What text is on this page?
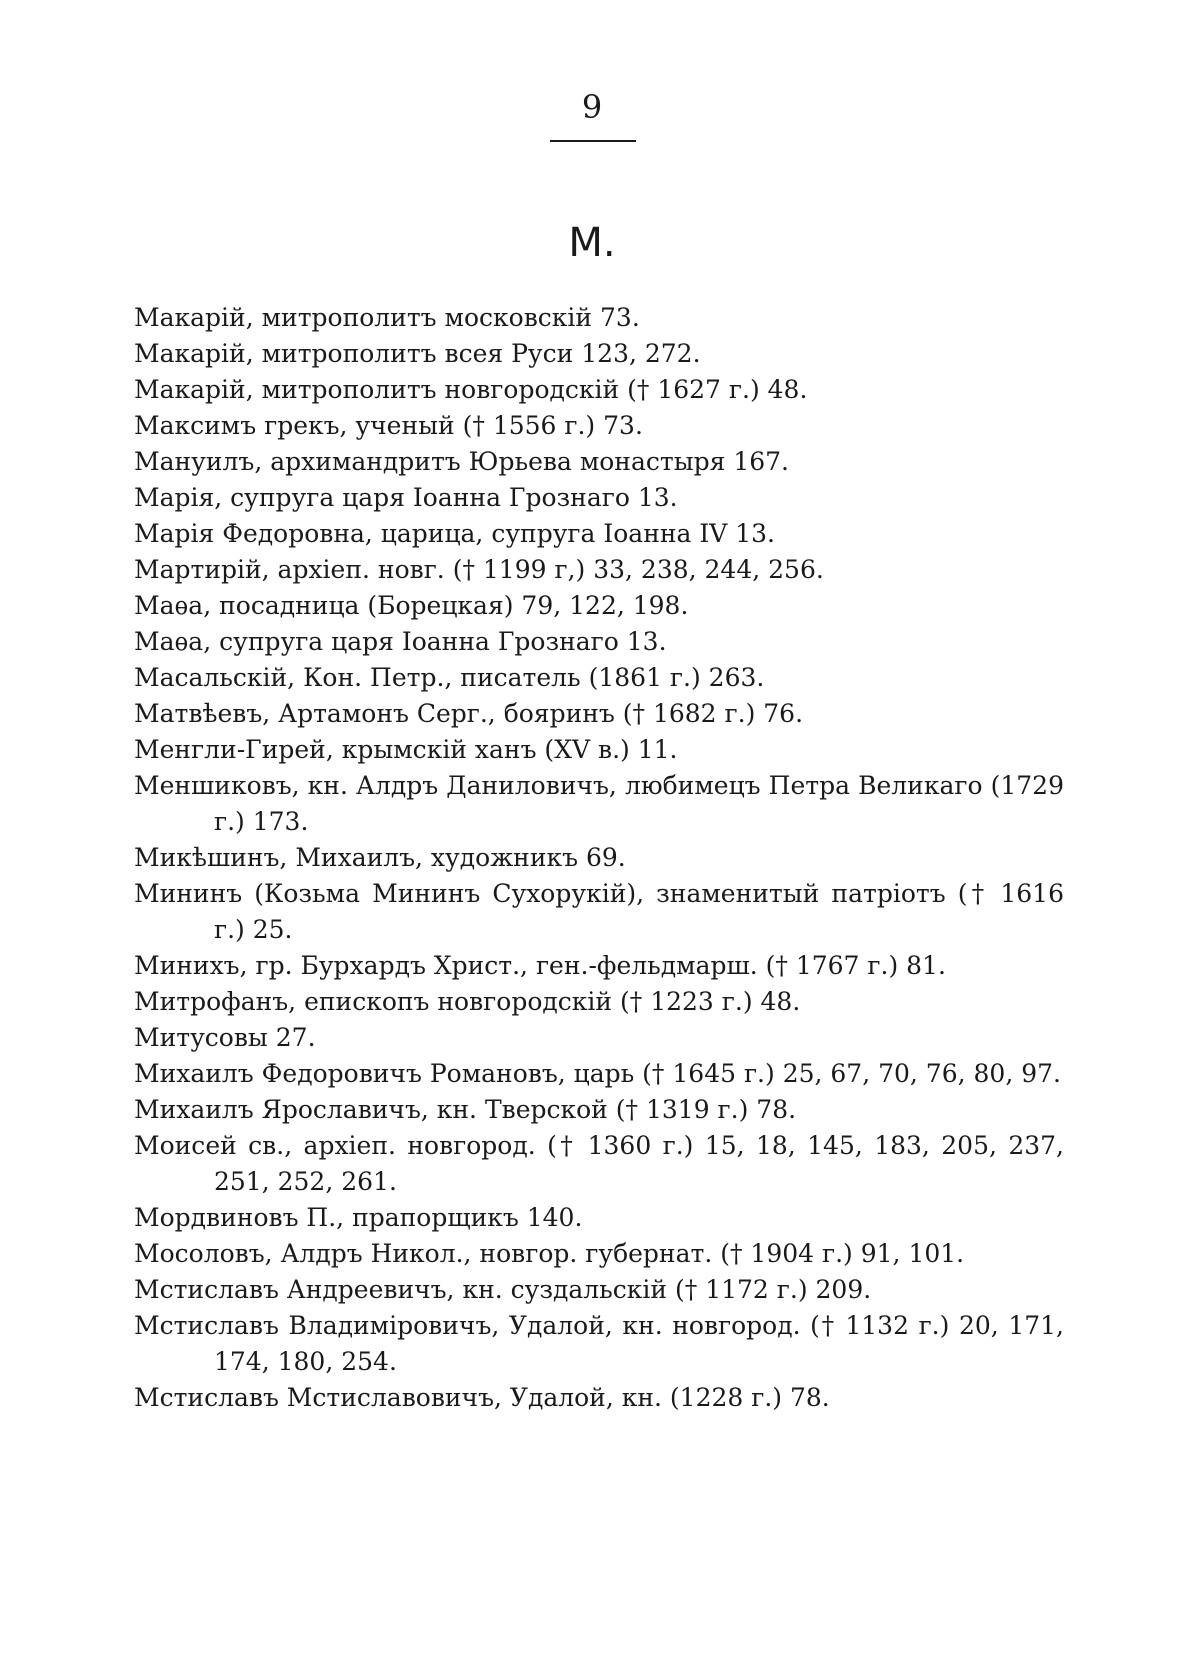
9
М.
Макарій, митрополитъ московскій 73.
Макарій, митрополитъ всея Руси 123, 272.
Макарій, митрополитъ новгородскій († 1627 г.) 48.
Максимъ грекъ, ученый († 1556 г.) 73.
Мануилъ, архимандритъ Юрьева монастыря 167.
Марія, супруга царя Іоанна Грознаго 13.
Марія Федоровна, царица, супруга Іоанна IV 13.
Мартирій, архіеп. новг. († 1199 г,) 33, 238, 244, 256.
Маѳа, посадница (Борецкая) 79, 122, 198.
Маѳа, супруга царя Іоанна Грознаго 13.
Масальскій, Кон. Петр., писатель (1861 г.) 263.
Матвѣевъ, Артамонъ Серг., бояринъ († 1682 г.) 76.
Менгли-Гирей, крымскій ханъ (XV в.) 11.
Меншиковъ, кн. Алдръ Даниловичъ, любимецъ Петра Великаго (1729 г.) 173.
Микѣшинъ, Михаилъ, художникъ 69.
Мининъ (Козьма Мининъ Сухорукій), знаменитый патріотъ († 1616 г.) 25.
Минихъ, гр. Бурхардъ Христ., ген.-фельдмарш. († 1767 г.) 81.
Митрофанъ, епископъ новгородскій († 1223 г.) 48.
Митусовы 27.
Михаилъ Федоровичъ Романовъ, царь († 1645 г.) 25, 67, 70, 76, 80, 97.
Михаилъ Ярославичъ, кн. Тверской († 1319 г.) 78.
Моисей св., архіеп. новгород. († 1360 г.) 15, 18, 145, 183, 205, 237, 251, 252, 261.
Мордвиновъ П., прапорщикъ 140.
Мосоловъ, Алдръ Никол., новгор. губернат. († 1904 г.) 91, 101.
Мстиславъ Андреевичъ, кн. суздальскій († 1172 г.) 209.
Мстиславъ Владиміровичъ, Удалой, кн. новгород. († 1132 г.) 20, 171, 174, 180, 254.
Мстиславъ Мстиславовичъ, Удалой, кн. (1228 г.) 78.
